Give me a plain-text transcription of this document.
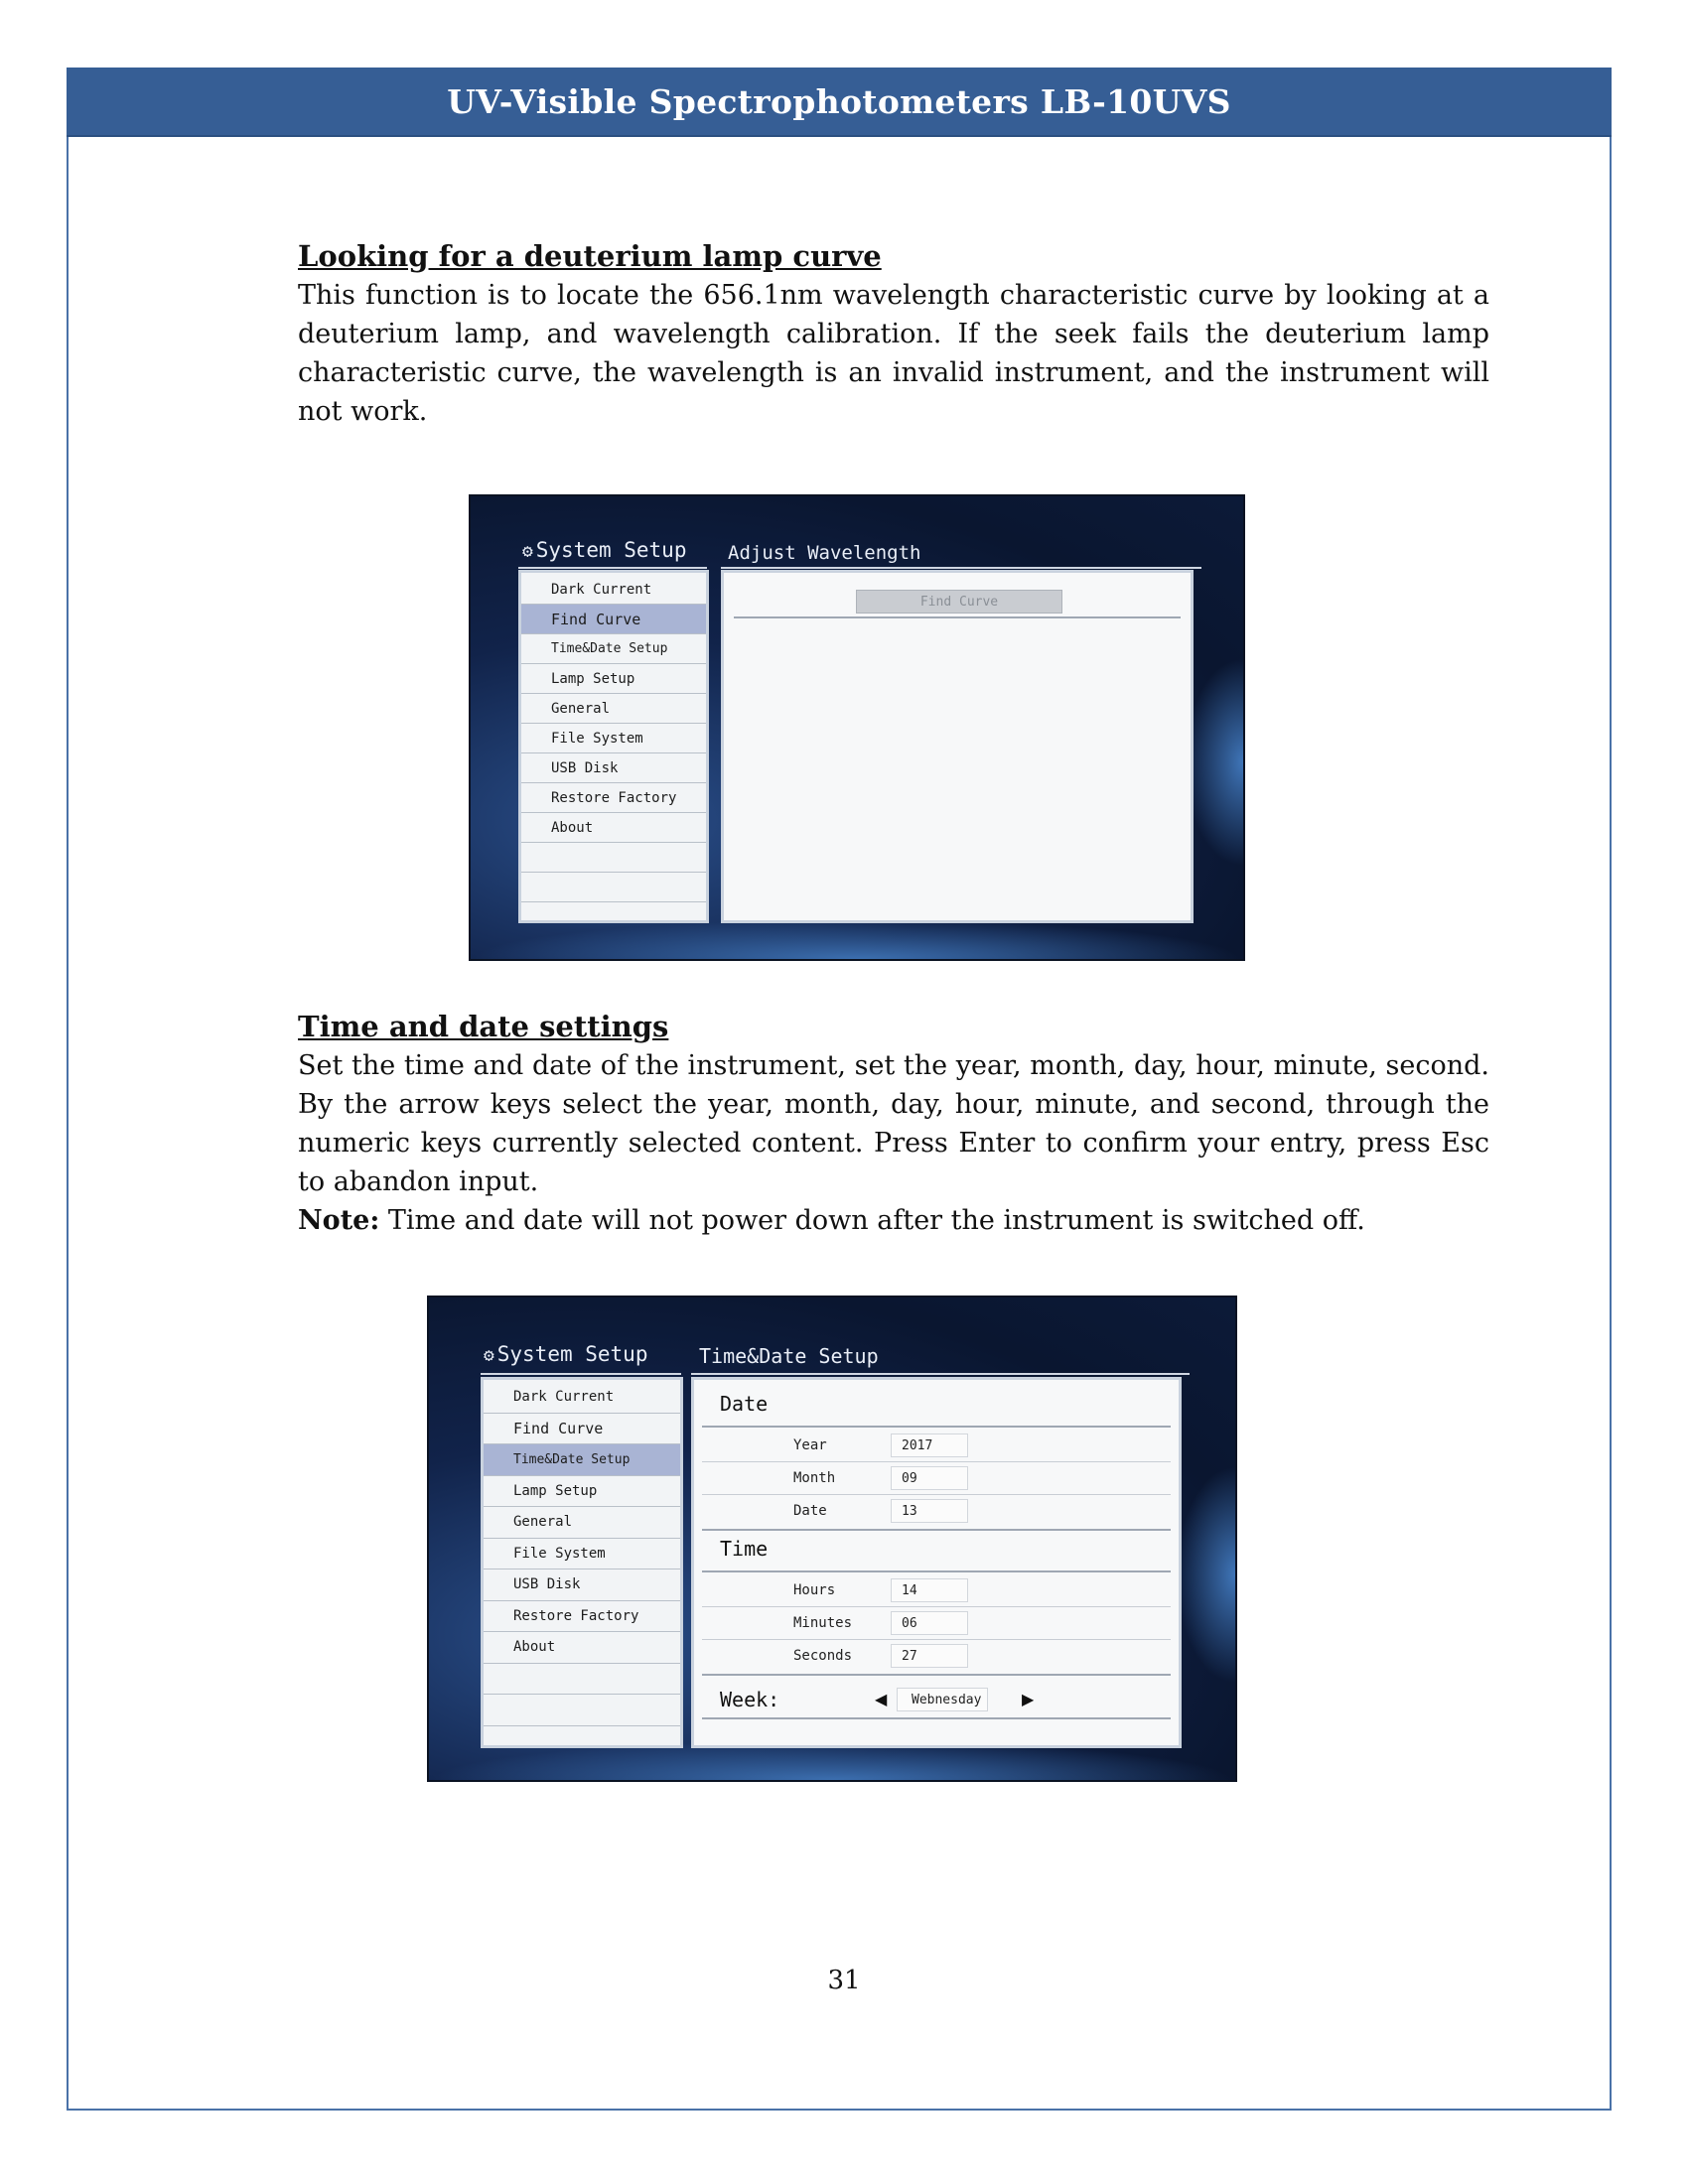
UV-Visible Spectrophotometers LB-10UVS

Looking for a deuterium lamp curve

This function is to locate the 656.1nm wavelength characteristic curve by looking at a deuterium lamp, and wavelength calibration. If the seek fails the deuterium lamp characteristic curve, the wavelength is an invalid instrument, and the instrument will not work.

⚙ System Setup Adjust Wavelength
Dark Current
Find Curve
Time&Date Setup
Lamp Setup
General
File System
USB Disk
Restore Factory
About
Find Curve

Time and date settings

Set the time and date of the instrument, set the year, month, day, hour, minute, second. By the arrow keys select the year, month, day, hour, minute, and second, through the numeric keys currently selected content. Press Enter to confirm your entry, press Esc to abandon input.

Note: Time and date will not power down after the instrument is switched off.

⚙ System Setup	Time&Date Setup
Dark Current
Find Curve
Time&Date Setup
Lamp Setup
General
File System
USB Disk
Restore Factory
About
Date
Year	2017
Month	09
Date	13
Time
Hours	14
Minutes	06
Seconds	27
Week:	◀	Webnesday	▶
31
